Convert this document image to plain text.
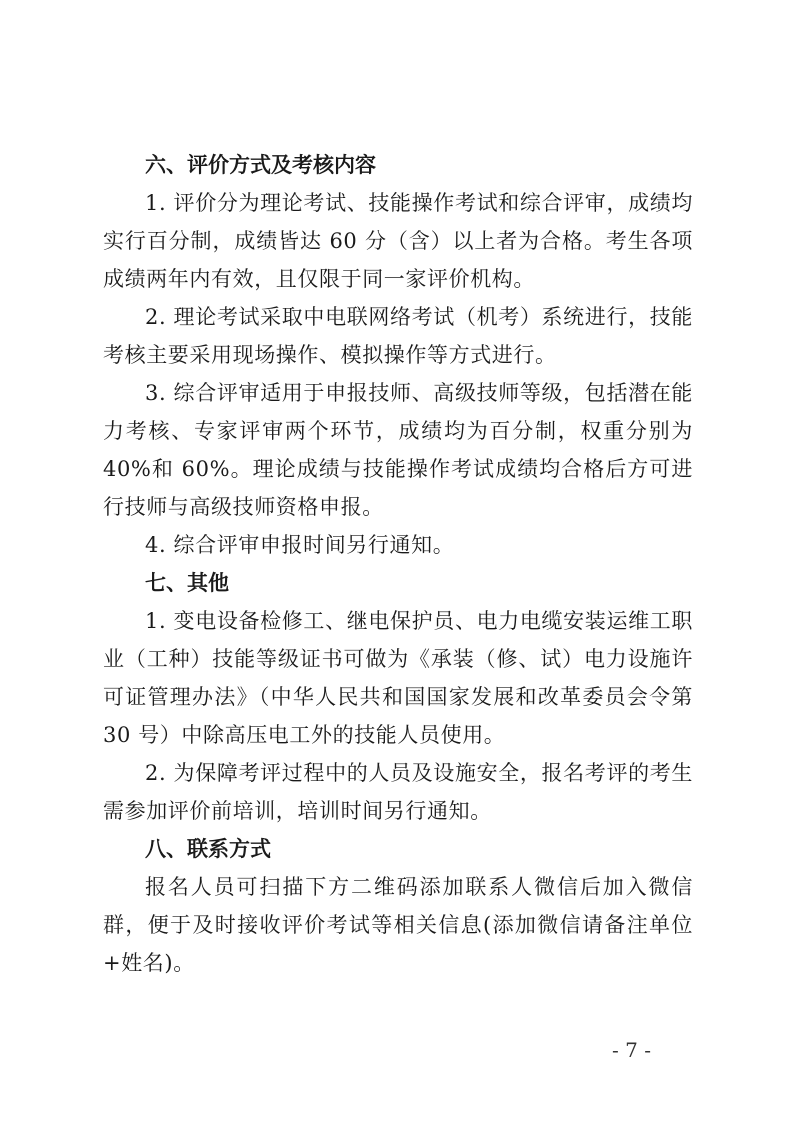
六、评价方式及考核内容

1. 评价分为理论考试、技能操作考试和综合评审，成绩均实行百分制，成绩皆达 60 分（含）以上者为合格。考生各项成绩两年内有效，且仅限于同一家评价机构。

2. 理论考试采取中电联网络考试（机考）系统进行，技能考核主要采用现场操作、模拟操作等方式进行。

3. 综合评审适用于申报技师、高级技师等级，包括潜在能力考核、专家评审两个环节，成绩均为百分制，权重分别为 40%和 60%。理论成绩与技能操作考试成绩均合格后方可进行技师与高级技师资格申报。

4. 综合评审申报时间另行通知。

七、其他

1. 变电设备检修工、继电保护员、电力电缆安装运维工职业（工种）技能等级证书可做为《承装（修、试）电力设施许可证管理办法》（中华人民共和国国家发展和改革委员会令第 30 号）中除高压电工外的技能人员使用。

2. 为保障考评过程中的人员及设施安全，报名考评的考生需参加评价前培训，培训时间另行通知。

八、联系方式

报名人员可扫描下方二维码添加联系人微信后加入微信群，便于及时接收评价考试等相关信息(添加微信请备注单位+姓名)。

- 7 -
